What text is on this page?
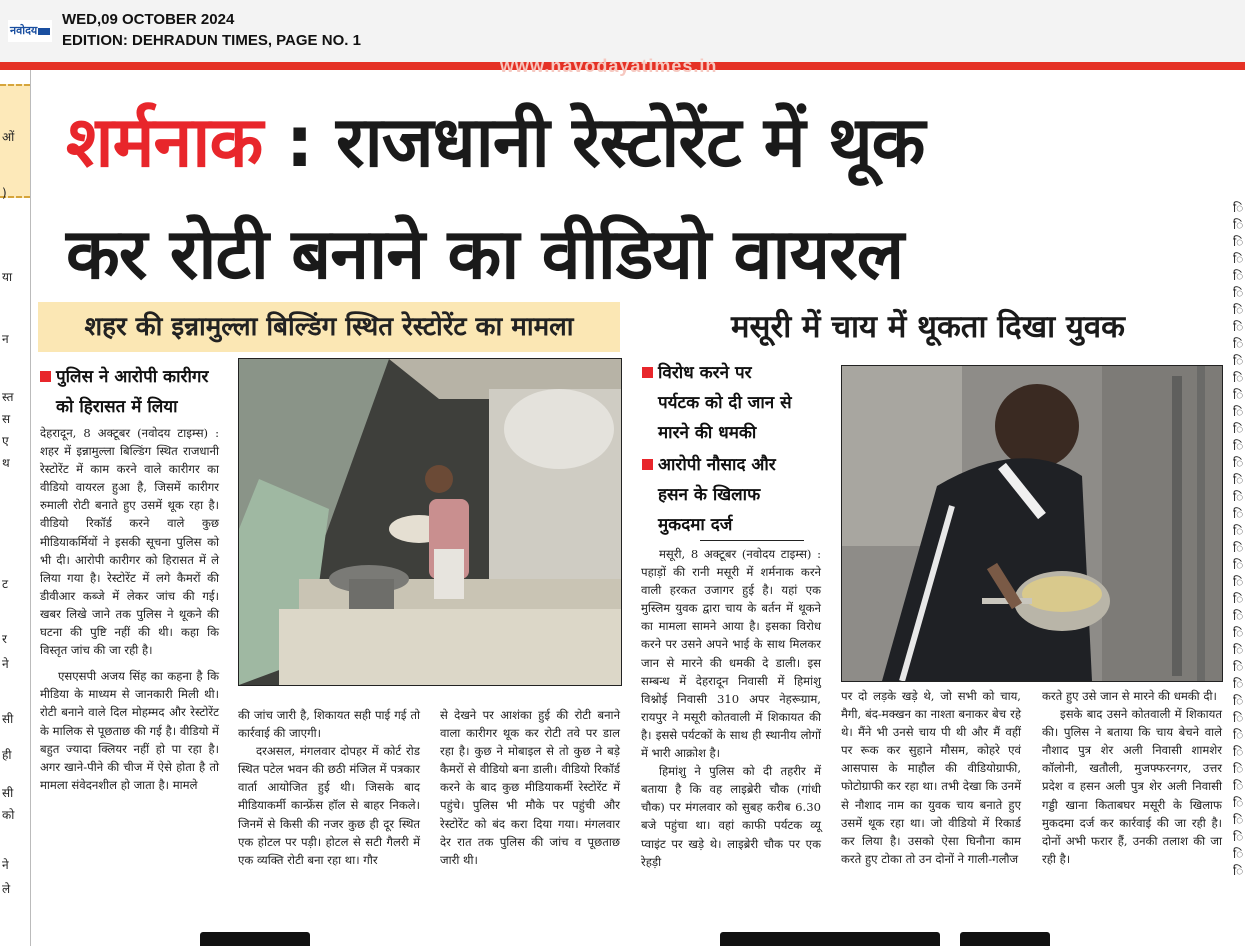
नवोदय
WED,09 OCTOBER 2024
EDITION: DEHRADUN TIMES, PAGE NO. 1
www.navodayatimes.in
ओं
)
या
न
स्त
स
ए
थ
ट
र
ने
सी
ही
सी
को
ने
ले
ि
ि
ि
ि
ि
ि
ि
ि
ि
ि
ि
ि
ि
ि
ि
ि
ि
ि
ि
ि
ि
ि
ि
ि
ि
ि
ि
ि
ि
ि
ि
ि
ि
ि
ि
ि
ि
ि
ि
ि
शर्मनाक : राजधानी रेस्टोरेंट में थूक
कर रोटी बनाने का वीडियो वायरल
शहर की इन्नामुल्ला बिल्डिंग स्थित रेस्टोरेंट का मामला	मसूरी में चाय में थूकता दिखा युवक
पुलिस ने आरोपी कारीगर
को हिरासत में लिया
विरोध करने पर
पर्यटक को दी जान से
मारने की धमकी
आरोपी नौसाद और
हसन के खिलाफ
मुकदमा दर्ज

देहरादून, 8 अक्टूबर (नवोदय टाइम्स) : शहर में इन्नामुल्ला बिल्डिंग स्थित राजधानी रेस्टोरेंट में काम करने वाले कारीगर का वीडियो वायरल हुआ है, जिसमें कारीगर रुमाली रोटी बनाते हुए उसमें थूक रहा है। वीडियो रिकॉर्ड करने वाले कुछ मीडियाकर्मियों ने इसकी सूचना पुलिस को भी दी। आरोपी कारीगर को हिरासत में ले लिया गया है। रेस्टोरेंट में लगे कैमरों की डीवीआर कब्जे में लेकर जांच की गई। खबर लिखे जाने तक पुलिस ने थूकने की घटना की पुष्टि नहीं की थी। कहा कि विस्तृत जांच की जा रही है।

एसएसपी अजय सिंह का कहना है कि मीडिया के माध्यम से जानकारी मिली थी। रोटी बनाने वाले दिल मोहम्मद और रेस्टोरेंट के मालिक से पूछताछ की गई है। वीडियो में बहुत ज्यादा क्लियर नहीं हो पा रहा है। अगर खाने-पीने की चीज में ऐसे होता है तो मामला संवेदनशील हो जाता है। मामले

की जांच जारी है, शिकायत सही पाई गई तो कार्रवाई की जाएगी।

दरअसल, मंगलवार दोपहर में कोर्ट रोड स्थित पटेल भवन की छठी मंजिल में पत्रकार वार्ता आयोजित हुई थी। जिसके बाद मीडियाकर्मी कान्फ्रेंस हॉल से बाहर निकले। जिनमें से किसी की नजर कुछ ही दूर स्थित एक होटल पर पड़ी। होटल से सटी गैलरी में एक व्यक्ति रोटी बना रहा था। गौर

से देखने पर आशंका हुई की रोटी बनाने वाला कारीगर थूक कर रोटी तवे पर डाल रहा है। कुछ ने मोबाइल से तो कुछ ने बड़े कैमरों से वीडियो बना डाली। वीडियो रिकॉर्ड करने के बाद कुछ मीडियाकर्मी रेस्टोरेंट में पहुंचे। पुलिस भी मौके पर पहुंची और रेस्टोरेंट को बंद करा दिया गया। मंगलवार देर रात तक पुलिस की जांच व पूछताछ जारी थी।

मसूरी, 8 अक्टूबर (नवोदय टाइम्स) : पहाड़ों की रानी मसूरी में शर्मनाक करने वाली हरकत उजागर हुई है। यहां एक मुस्लिम युवक द्वारा चाय के बर्तन में थूकने का मामला सामने आया है। इसका विरोध करने पर उसने अपने भाई के साथ मिलकर जान से मारने की धमकी दे डाली। इस सम्बन्ध में देहरादून निवासी में हिमांशु विश्नोई निवासी 310 अपर नेहरूग्राम, रायपुर ने मसूरी कोतवाली में शिकायत की है। इससे पर्यटकों के साथ ही स्थानीय लोगों में भारी आक्रोश है।

हिमांशु ने पुलिस को दी तहरीर में बताया है कि वह लाइब्रेरी चौक (गांधी चौक) पर मंगलवार को सुबह करीब 6.30 बजे पहुंचा था। वहां काफी पर्यटक व्यू प्वाइंट पर खड़े थे। लाइब्रेरी चौक पर एक रेहड़ी

पर दो लड़के खड़े थे, जो सभी को चाय, मैगी, बंद-मक्खन का नाश्ता बनाकर बेच रहे थे। मैंने भी उनसे चाय पी थी और मैं वहीं पर रूक कर सुहाने मौसम, कोहरे एवं आसपास के माहौल की वीडियोग्राफी, फोटोग्राफी कर रहा था। तभी देखा कि उनमें से नौशाद नाम का युवक चाय बनाते हुए उसमें थूक रहा था। जो वीडियो में रिकार्ड कर लिया है। उसको ऐसा घिनौना काम करते हुए टोका तो उन दोनों ने गाली-गलौज

करते हुए उसे जान से मारने की धमकी दी।

इसके बाद उसने कोतवाली में शिकायत की। पुलिस ने बताया कि चाय बेचने वाले नौशाद पुत्र शेर अली निवासी शामशेर कॉलोनी, खतौली, मुजफ्फरनगर, उत्तर प्रदेश व हसन अली पुत्र शेर अली निवासी गड्डी खाना किताबघर मसूरी के खिलाफ मुकदमा दर्ज कर कार्रवाई की जा रही है। दोनों अभी फरार हैं, उनकी तलाश की जा रही है।
